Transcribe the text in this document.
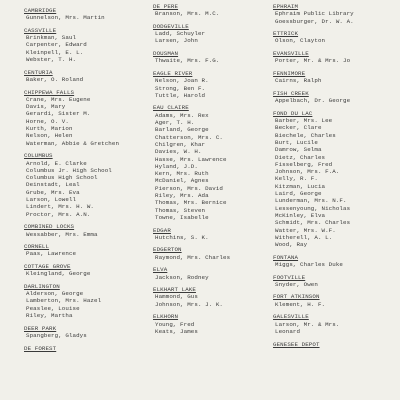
CAMBRIDGE
Gunnelson, Mrs. Martin
CASSVILLE
Brinkman, Saul
Carpenter, Edward
Kleinpell, E. L.
Webster, T. H.
CENTURIA
Baker, O. Roland
CHIPPEWA FALLS
Crane, Mrs. Eugene
Davis, Mary
Gerardi, Sister M.
Horne, O. V.
Kurth, Marion
Nelson, Helen
Waterman, Abbie & Gretchen
COLUMBUS
Arnold, E. Clarke
Columbus Jr. High School
Columbus High School
Deinstadt, Leal
Grube, Mrs. Eva
Larson, Lowell
Lindert, Mrs. H. W.
Proctor, Mrs. A.N.
COMBINED LOCKS
Wessabber, Mrs. Emma
CORNELL
Paas, Lawrence
COTTAGE GROVE
Kleingland, George
DARLINGTON
Alderson, George
Lamberton, Mrs. Hazel
Peaslee, Louise
Riley, Martha
DEER PARK
Spangberg, Gladys
DE FOREST
DE PERE
Branson, Mrs. M.C.
DODGEVILLE
Ladd, Schuyler
Larsen, John
DOUSMAN
Thwaite, Mrs. F.G.
EAGLE RIVER
Nelson, Joan R.
Strong, Ben F.
Tuttle, Harold
EAU CLAIRE
Adams, Mrs. Rex
Ager, T. H.
Barland, George
Chatterson, Mrs. C.
Chilgren, Khar
Davies, W. H.
Hasse, Mrs. Lawrence
Hyland, J.D.
Kern, Mrs. Ruth
McDaniel, Agnes
Pierson, Mrs. David
Riley, Mrs. Ada
Thomas, Mrs. Bernice
Thomas, Steven
Towne, Isabelle
EDGAR
Hutchins, S. K.
EDGERTON
Raymond, Mrs. Charles
ELVA
Jackson, Rodney
ELKHART LAKE
Hammond, Gus
Johnson, Mrs. J. K.
ELKHORN
Young, Fred
Keats, James
EPHRAIM
Ephraim Public Library
Goessburger, Dr. W. A.
ETTRICK
Olson, Clayton
EVANSVILLE
Porter, Mr. & Mrs. Jo
FENNIMORE
Cairns, Ralph
FISH CREEK
Appelbach, Dr. George
FOND DU LAC
Barber, Mrs. Lee
Becker, Clare
Biechele, Charles
Burt, Lucile
Damrow, Selma
Dietz, Charles
Fisselberg, Fred
Johnson, Mrs. F.A.
Kelly, R. F.
Kitzman, Lucia
Laird, George
Lunderman, Mrs. N.F.
Lessenyoung, Nicholas
McKinley, Elva
Schmidt, Mrs. Charles
Watter, Mrs. W.F.
Witherell, A. L.
Wood, Ray
FONTANA
Miggs, Charles Duke
FOOTVILLE
Snyder, Owen
FORT ATKINSON
Klement, H. F.
GALESVILLE
Larson, Mr. & Mrs.
Leonard
GENESEE DEPOT
